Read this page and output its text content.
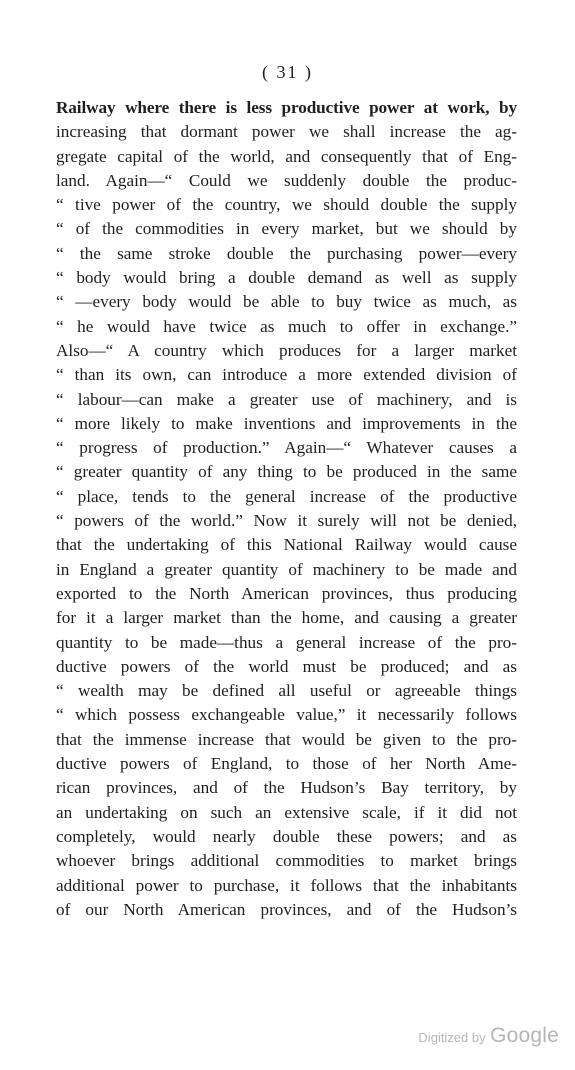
( 31 )
Railway where there is less productive power at work, by
increasing that dormant power we shall increase the ag-
gregate capital of the world, and consequently that of Eng-
land. Again—“ Could we suddenly double the produc-
“ tive power of the country, we should double the supply
“ of the commodities in every market, but we should by
“ the same stroke double the purchasing power—every
“ body would bring a double demand as well as supply
“ —every body would be able to buy twice as much, as
“ he would have twice as much to offer in exchange.”
Also—“ A country which produces for a larger market
“ than its own, can introduce a more extended division of
“ labour—can make a greater use of machinery, and is
“ more likely to make inventions and improvements in the
“ progress of production.” Again—“ Whatever causes a
“ greater quantity of any thing to be produced in the same
“ place, tends to the general increase of the productive
“ powers of the world.” Now it surely will not be denied,
that the undertaking of this National Railway would cause
in England a greater quantity of machinery to be made and
exported to the North American provinces, thus producing
for it a larger market than the home, and causing a greater
quantity to be made—thus a general increase of the pro-
ductive powers of the world must be produced; and as
“ wealth may be defined all useful or agreeable things
“ which possess exchangeable value,” it necessarily follows
that the immense increase that would be given to the pro-
ductive powers of England, to those of her North Ame-
rican provinces, and of the Hudson’s Bay territory, by
an undertaking on such an extensive scale, if it did not
completely, would nearly double these powers; and as
whoever brings additional commodities to market brings
additional power to purchase, it follows that the inhabitants
of our North American provinces, and of the Hudson’s
Digitized by Google
